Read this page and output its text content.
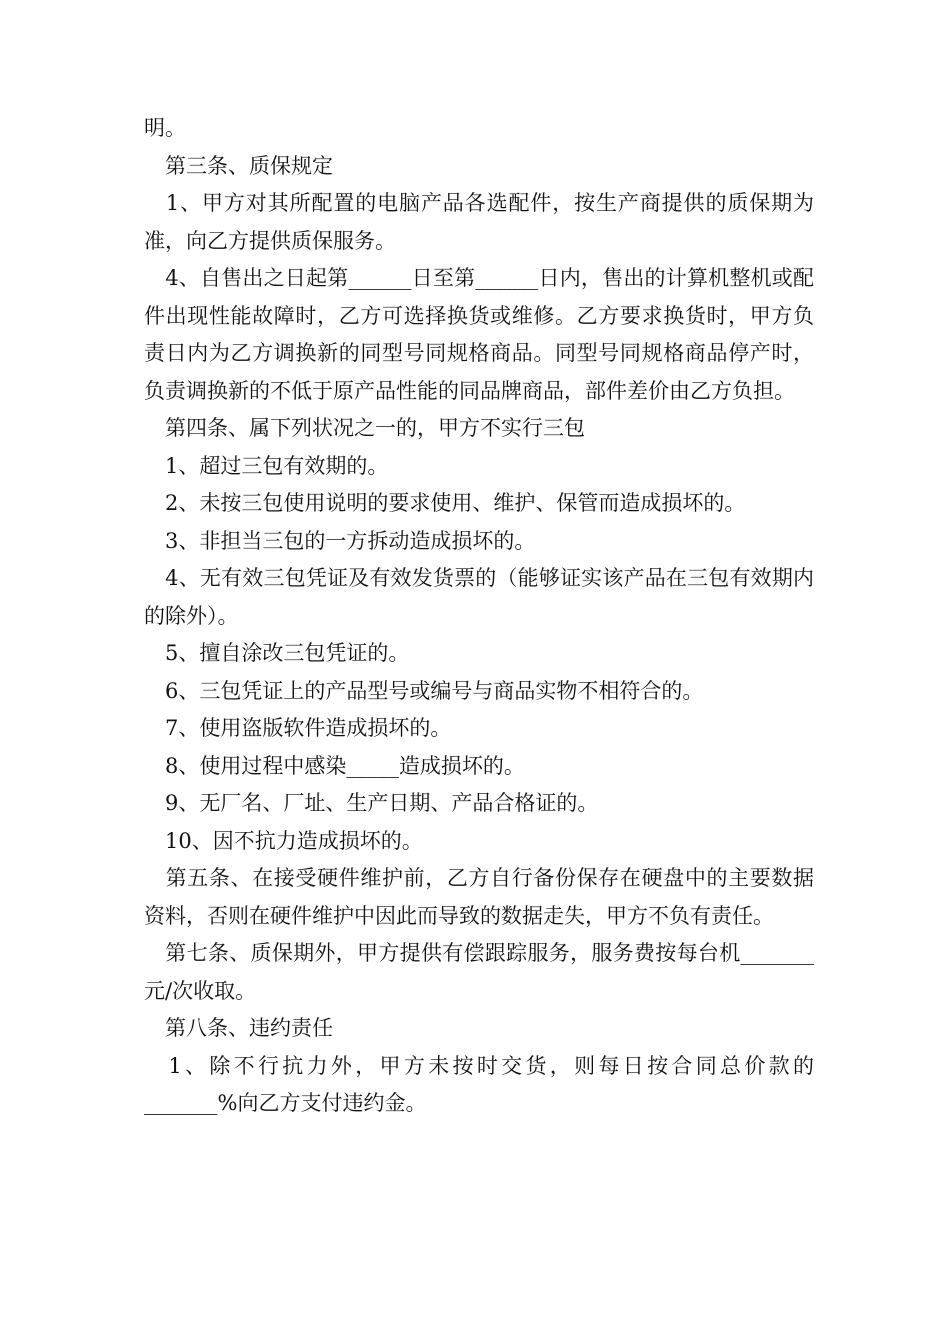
明。

　第三条、质保规定

　1、甲方对其所配置的电脑产品各选配件，按生产商提供的质保期为准，向乙方提供质保服务。

　4、自售出之日起第______日至第______日内，售出的计算机整机或配件出现性能故障时，乙方可选择换货或维修。乙方要求换货时，甲方负责日内为乙方调换新的同型号同规格商品。同型号同规格商品停产时，负责调换新的不低于原产品性能的同品牌商品，部件差价由乙方负担。

　第四条、属下列状况之一的，甲方不实行三包

　1、超过三包有效期的。

　2、未按三包使用说明的要求使用、维护、保管而造成损坏的。

　3、非担当三包的一方拆动造成损坏的。

　4、无有效三包凭证及有效发货票的（能够证实该产品在三包有效期内的除外）。

　5、擅自涂改三包凭证的。

　6、三包凭证上的产品型号或编号与商品实物不相符合的。

　7、使用盗版软件造成损坏的。

　8、使用过程中感染_____造成损坏的。

　9、无厂名、厂址、生产日期、产品合格证的。

　10、因不抗力造成损坏的。

　第五条、在接受硬件维护前，乙方自行备份保存在硬盘中的主要数据资料，否则在硬件维护中因此而导致的数据走失，甲方不负有责任。

　第七条、质保期外，甲方提供有偿跟踪服务，服务费按每台机_______元/次收取。

　第八条、违约责任

　1、除不行抗力外，甲方未按时交货，则每日按合同总价款的_______%向乙方支付违约金。
